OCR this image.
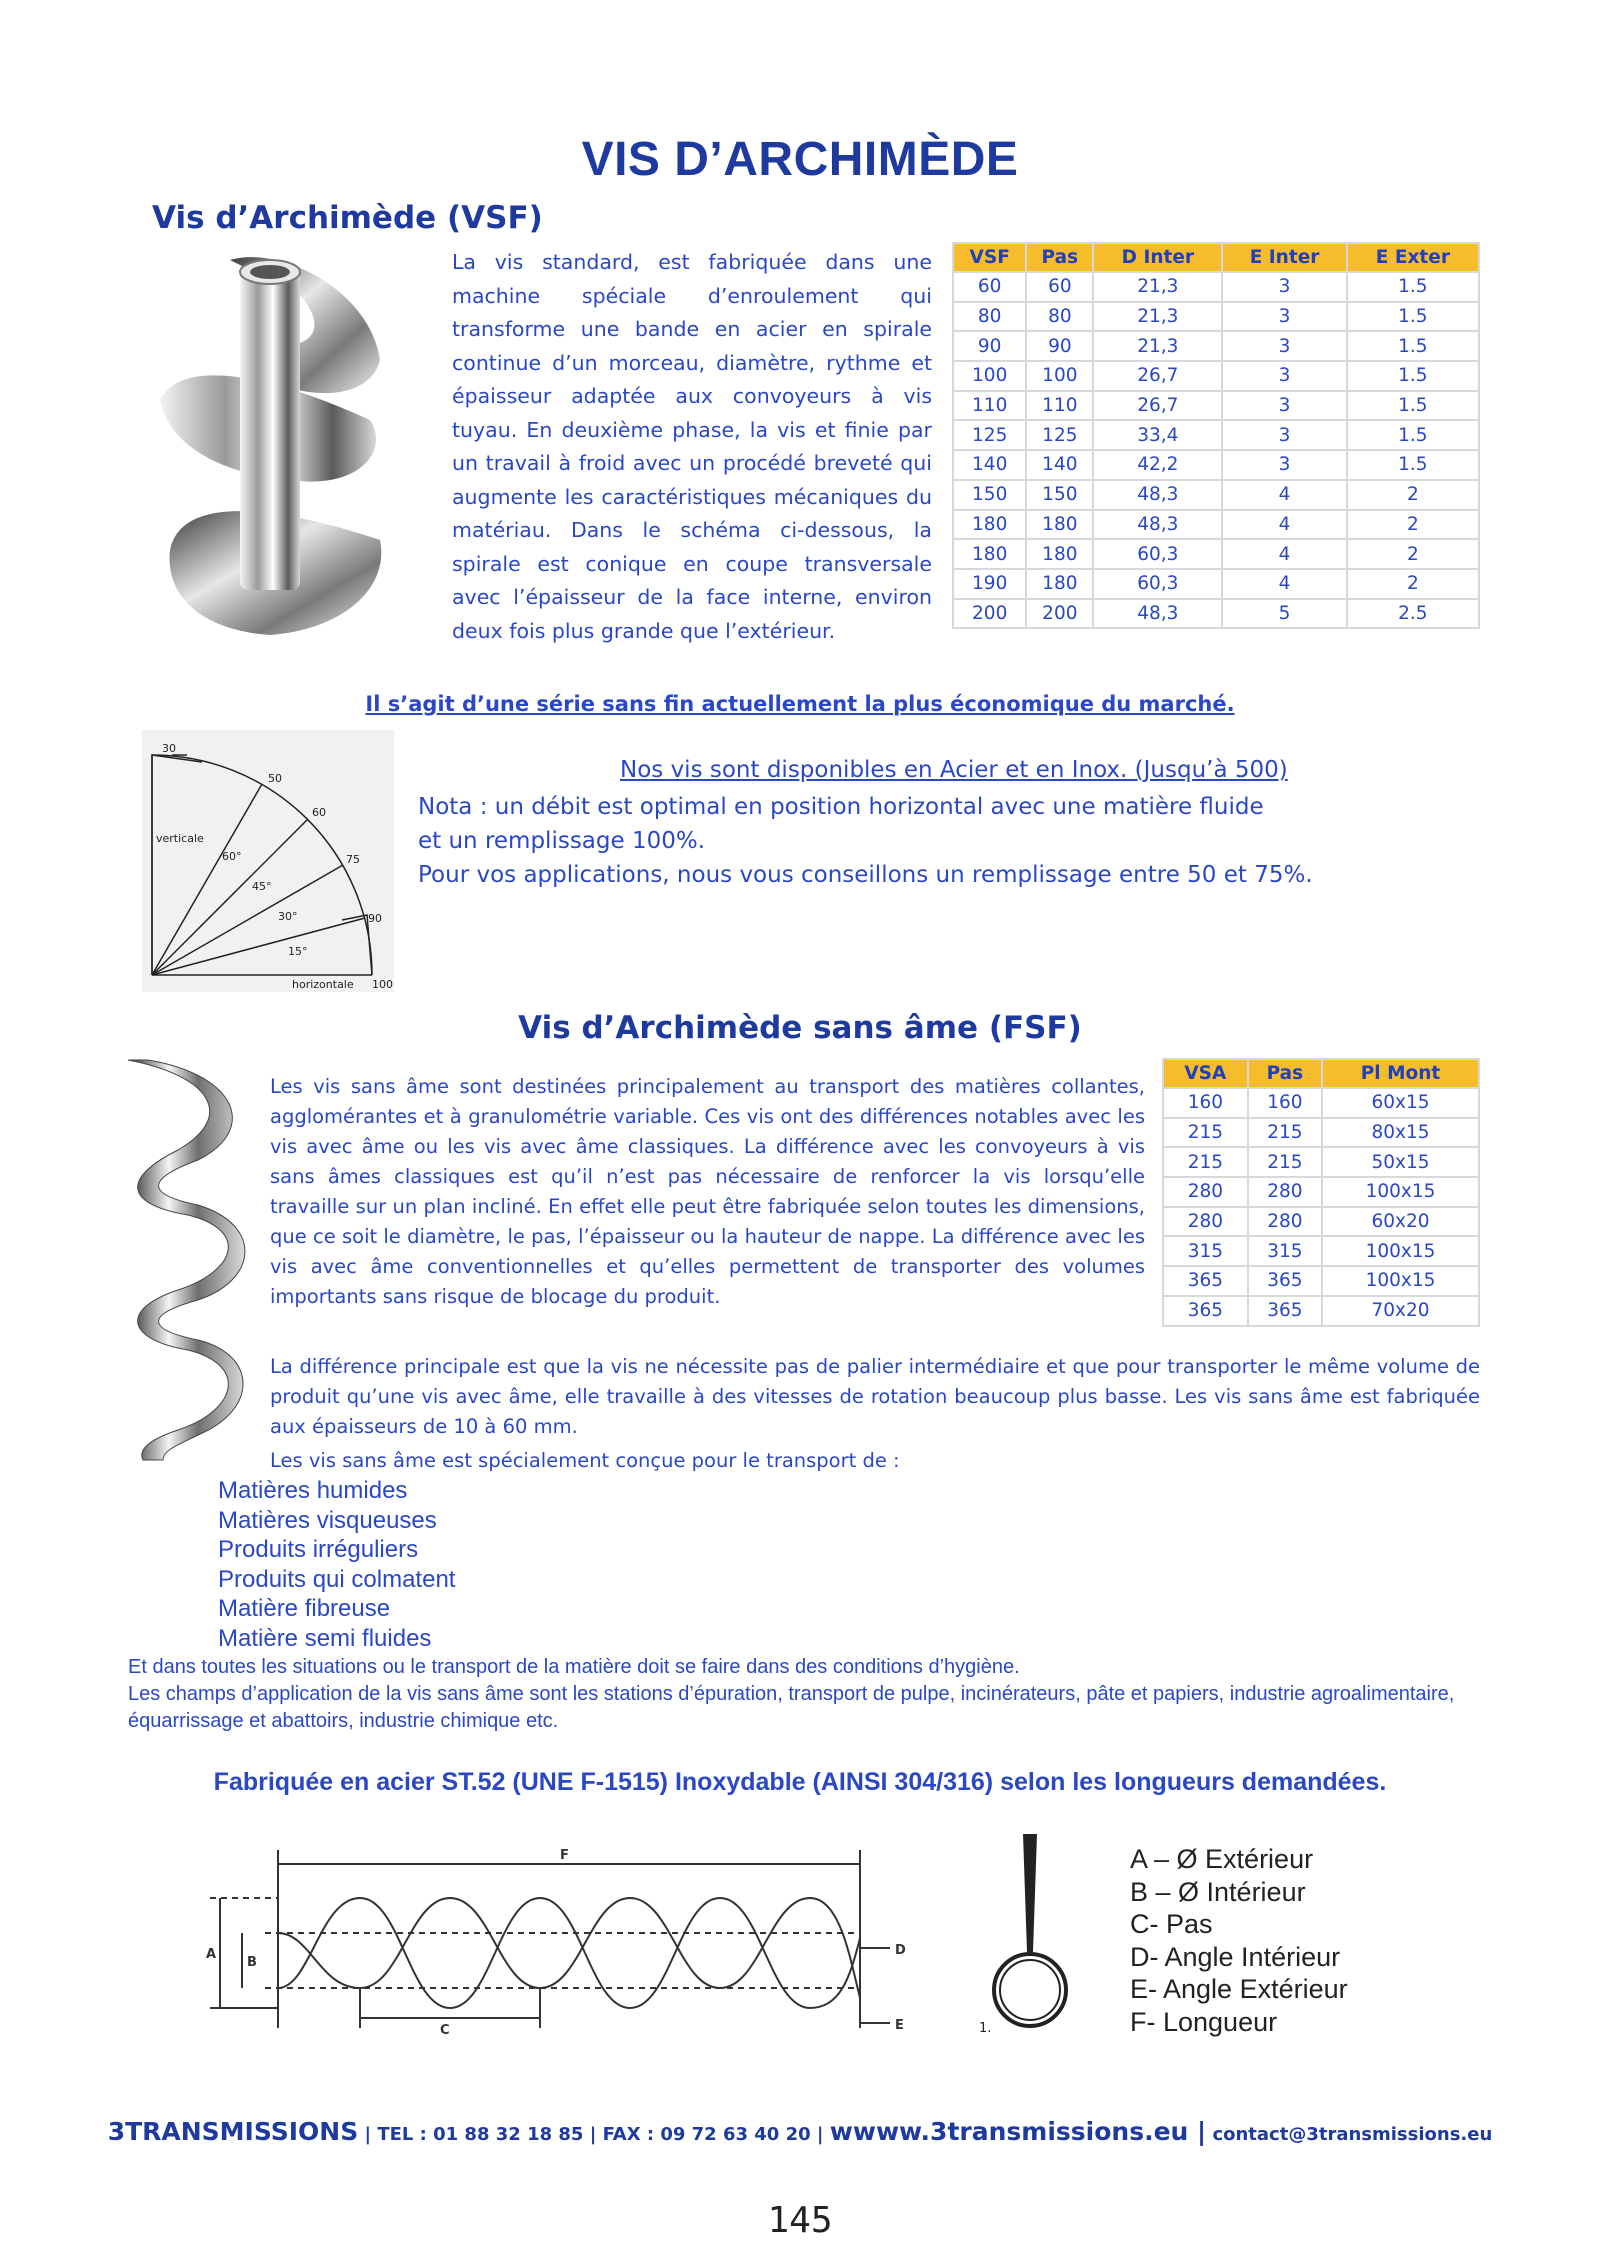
VIS D’ARCHIMÈDE
Vis d’Archimède (VSF)
La vis standard, est fabriquée dans une machine spéciale d’enroulement qui transforme une bande en acier en spirale continue d’un morceau, diamètre, rythme et épaisseur adaptée aux convoyeurs à vis tuyau. En deuxième phase, la vis et finie par un travail à froid avec un procédé breveté qui augmente les caractéristiques mécaniques du matériau. Dans le schéma ci-dessous, la spirale est conique en coupe transversale avec l’épaisseur de la face interne, environ deux fois plus grande que l’extérieur.
VSF	Pas	D Inter	E Inter	E Exter
60	60	21,3	3	1.5
80	80	21,3	3	1.5
90	90	21,3	3	1.5
100	100	26,7	3	1.5
110	110	26,7	3	1.5
125	125	33,4	3	1.5
140	140	42,2	3	1.5
150	150	48,3	4	2
180	180	48,3	4	2
180	180	60,3	4	2
190	180	60,3	4	2
200	200	48,3	5	2.5
Il s’agit d’une série sans fin actuellement la plus économique du marché.
30
50
60
75
90
100
60°
45°
30°
15°
verticale
horizontale
Nos vis sont disponibles en Acier et en Inox. (Jusqu’à 500)
Nota : un débit est optimal en position horizontal avec une matière fluide
et un remplissage 100%.
Pour vos applications, nous vous conseillons un remplissage entre 50 et 75%.
Vis d’Archimède sans âme (FSF)
Les vis sans âme sont destinées principalement au transport des matières collantes, agglomérantes et à granulométrie variable. Ces vis ont des différences notables avec les vis avec âme ou les vis avec âme classiques. La différence avec les convoyeurs à vis sans âmes classiques est qu’il n’est pas nécessaire de renforcer la vis lorsqu’elle travaille sur un plan incliné. En effet elle peut être fabriquée selon toutes les dimensions, que ce soit le diamètre, le pas, l’épaisseur ou la hauteur de nappe. La différence avec les vis avec âme conventionnelles et qu’elles permettent de transporter des volumes importants sans risque de blocage du produit.
VSA	Pas	Pl Mont
160	160	60x15
215	215	80x15
215	215	50x15
280	280	100x15
280	280	60x20
315	315	100x15
365	365	100x15
365	365	70x20
La différence principale est que la vis ne nécessite pas de palier intermédiaire et que pour transporter le même volume de produit qu’une vis avec âme, elle travaille à des vitesses de rotation beaucoup plus basse. Les vis sans âme est fabriquée aux épaisseurs de 10 à 60 mm.
Les vis sans âme est spécialement conçue pour le transport de :
Matières humides
Matières visqueuses
Produits irréguliers
Produits qui colmatent
Matière fibreuse
Matière semi fluides
Et dans toutes les situations ou le transport de la matière doit se faire dans des conditions d’hygiène.
Les champs d’application de la vis sans âme sont les stations d’épuration, transport de pulpe, incinérateurs, pâte et papiers, industrie agroalimentaire, équarrissage et abattoirs, industrie chimique etc.
Fabriquée en acier ST.52 (UNE F-1515) Inoxydable (AINSI 304/316) selon les longueurs demandées.
A
B
C
D
E
F
1.
A – Ø Extérieur
B – Ø Intérieur
C- Pas
D- Angle Intérieur
E- Angle Extérieur
F- Longueur
3TRANSMISSIONS | TEL : 01 88 32 18 85 | FAX : 09 72 63 40 20 | wwww.3transmissions.eu | contact@3transmissions.eu
145
